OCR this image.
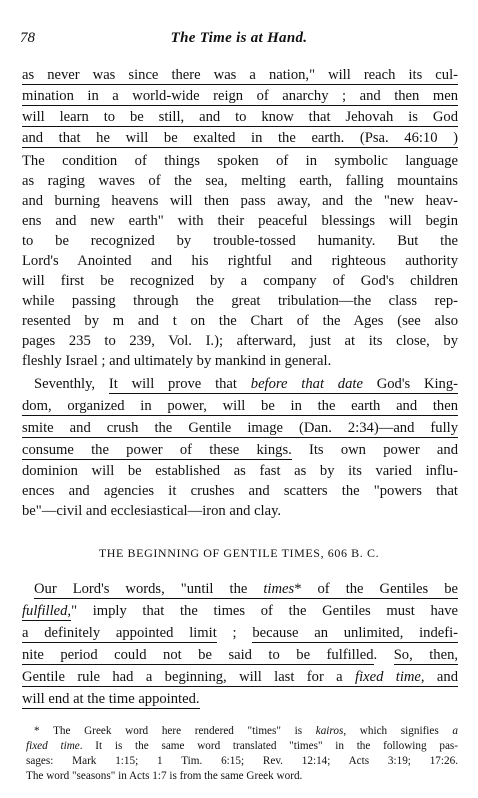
78	The Time is at Hand.
as never was since there was a nation," will reach its cul-
mination in a world-wide reign of anarchy ; and then men
will learn to be still, and to know that Jehovah is God
and that he will be exalted in the earth. (Psa. 46:10 )
The condition of things spoken of in symbolic language
as raging waves of the sea, melting earth, falling mountains
and burning heavens will then pass away, and the "new heav-
ens and new earth" with their peaceful blessings will begin
to be recognized by trouble-tossed humanity. But the
Lord's Anointed and his rightful and righteous authority
will first be recognized by a company of God's children
while passing through the great tribulation—the class rep-
resented by m and t on the Chart of the Ages (see also
pages 235 to 239, Vol. I.); afterward, just at its close, by
fleshly Israel ; and ultimately by mankind in general.
Seventhly, It will prove that before that date God's King-
dom, organized in power, will be in the earth and then
smite and crush the Gentile image (Dan. 2:34)—and fully
consume the power of these kings. Its own power and
dominion will be established as fast as by its varied influ-
ences and agencies it crushes and scatters the "powers that
be"—civil and ecclesiastical—iron and clay.
THE BEGINNING OF GENTILE TIMES, 606 B. C.
Our Lord's words, "until the times* of the Gentiles be
fulfilled," imply that the times of the Gentiles must have
a definitely appointed limit ; because an unlimited, indefi-
nite period could not be said to be fulfilled. So, then,
Gentile rule had a beginning, will last for a fixed time, and
will end at the time appointed.
* The Greek word here rendered "times" is kairos, which signifies a
fixed time. It is the same word translated "times" in the following pas-
sages: Mark 1:15; 1 Tim. 6:15; Rev. 12:14; Acts 3:19; 17:26.
The word "seasons" in Acts 1:7 is from the same Greek word.
